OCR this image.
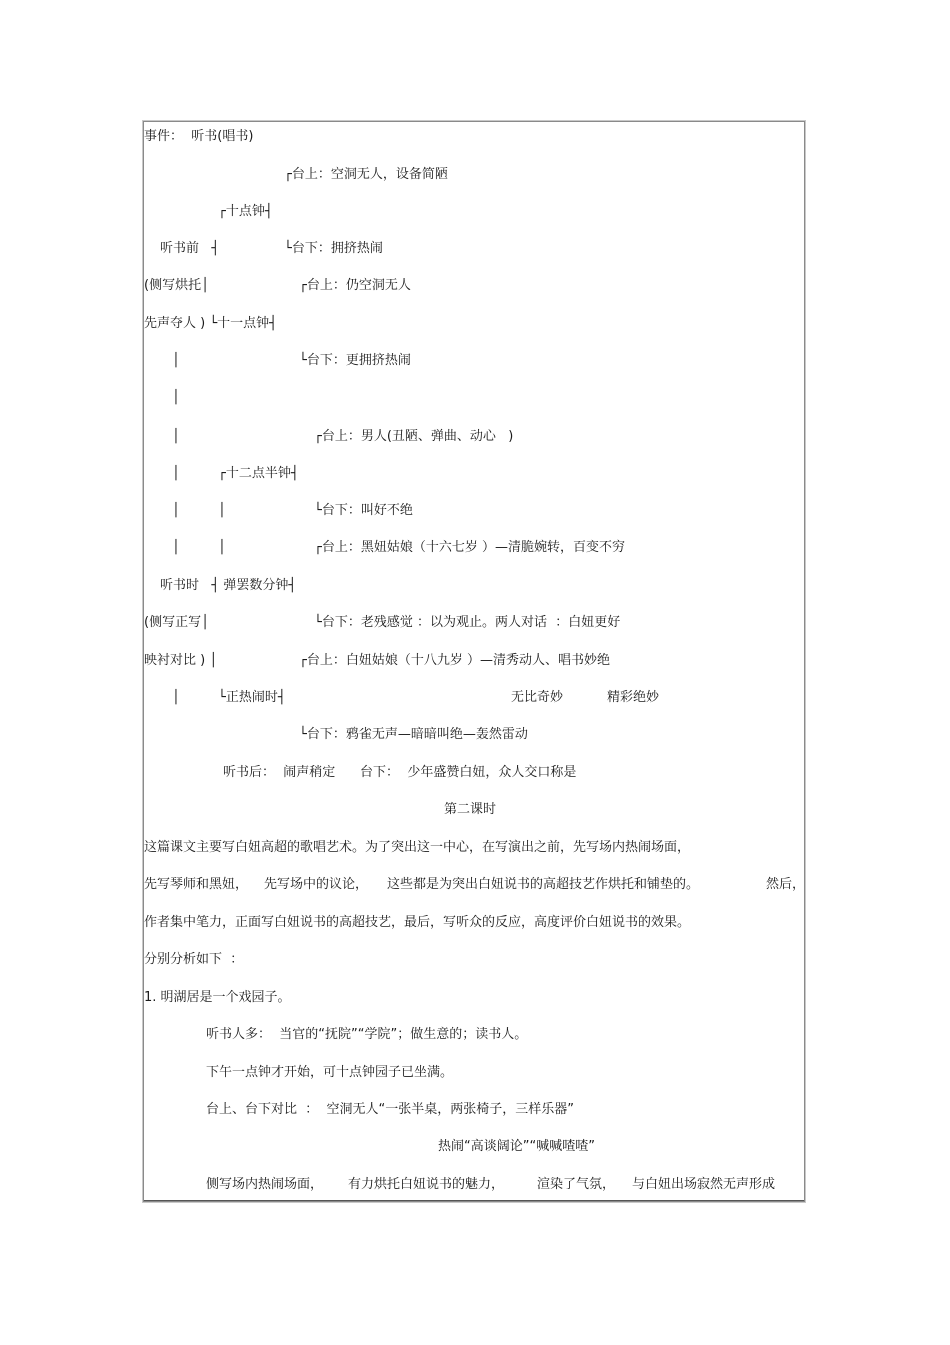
事件：  听书(唱书)
┌台上：空洞无人，设备简陋
┌十点钟┤
听书前   ┤	└台下：拥挤热闹
(侧写烘托│	┌台上：仍空洞无人
先声夺人 ) └十一点钟┤
│	└台下：更拥挤热闹
│
│	┌台上：男人(丑陋、弹曲、动心   )
│	┌十二点半钟┤
│	│	└台下：叫好不绝
│	│	┌台上：黑妞姑娘（十六七岁 ）—清脆婉转，百变不穷
听书时   ┤ 弹罢数分钟┤
(侧写正写│	└台下：老残感觉 ：以为观止。两人对话  ：白妞更好
映衬对比 ) │	┌台上：白妞姑娘（十八九岁 ）—清秀动人、唱书妙绝
│	└正热闹时┤	无比奇妙	精彩绝妙
└台下：鸦雀无声—暗暗叫绝—轰然雷动
听书后：  闹声稍定      台下：  少年盛赞白妞，众人交口称是
第二课时
这篇课文主要写白妞高超的歌唱艺术。为了突出这一中心，在写演出之前，先写场内热闹场面，
先写琴师和黑妞， 先写场中的议论， 这些都是为突出白妞说书的高超技艺作烘托和铺垫的。	然后，
作者集中笔力，正面写白妞说书的高超技艺，最后，写听众的反应，高度评价白妞说书的效果。
分别分析如下  ：
1. 明湖居是一个戏园子。
听书人多：  当官的“抚院”“学院”；做生意的；读书人。
下午一点钟才开始，可十点钟园子已坐满。
台上、台下对比  ：  空洞无人“一张半桌，两张椅子，三样乐器”
热闹“高谈阔论”“喊喊喳喳”
侧写场内热闹场面， 有力烘托白妞说书的魅力，	渲染了气氛， 与白妞出场寂然无声形成
